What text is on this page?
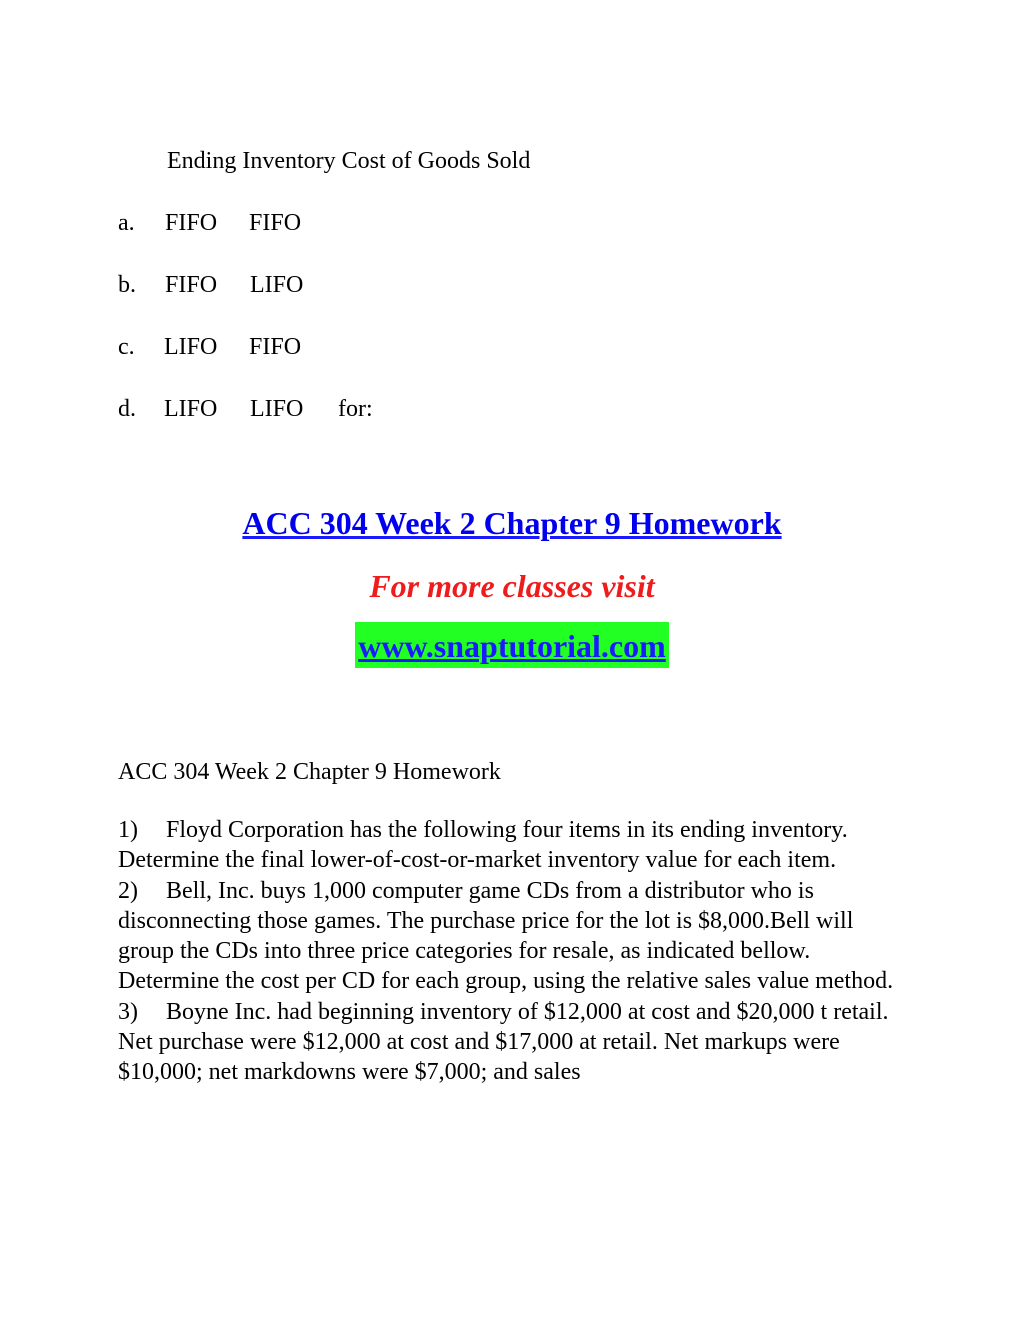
Ending Inventory Cost of Goods Sold
a. FIFO FIFO
b. FIFO LIFO
c. LIFO FIFO
d. LIFO LIFO for:
ACC 304 Week 2 Chapter 9 Homework
For more classes visit
www.snaptutorial.com
ACC 304 Week 2 Chapter 9 Homework

1) Floyd Corporation has the following four items in its ending inventory. Determine the final lower-of-cost-or-market inventory value for each item.

2) Bell, Inc. buys 1,000 computer game CDs from a distributor who is disconnecting those games. The purchase price for the lot is $8,000.Bell will group the CDs into three price categories for resale, as indicated bellow. Determine the cost per CD for each group, using the relative sales value method.

3) Boyne Inc. had beginning inventory of $12,000 at cost and $20,000 t retail. Net purchase were $12,000 at cost and $17,000 at retail. Net markups were $10,000; net markdowns were $7,000; and sales
